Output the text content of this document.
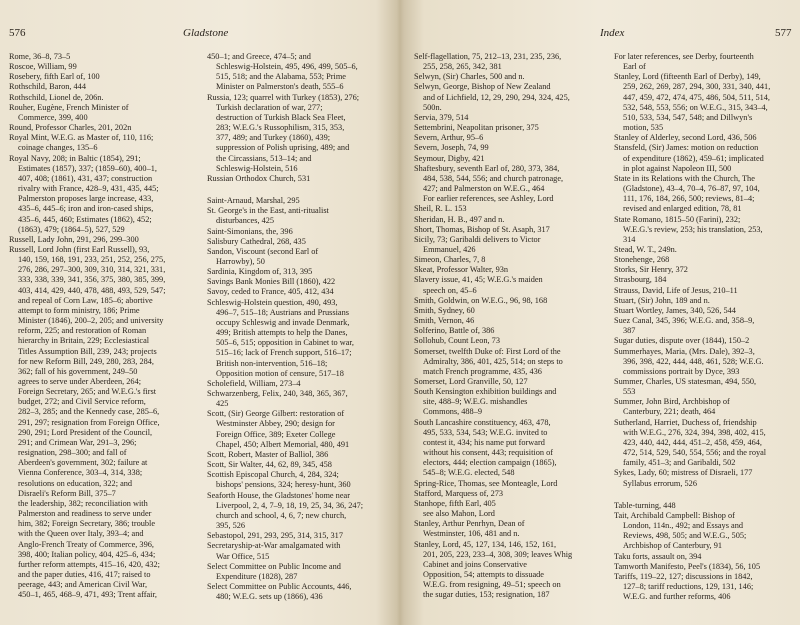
576	Gladstone
Rome, 36–8, 73–5
Roscoe, William, 99
Rosebery, fifth Earl of, 100
Rothschild, Baron, 444
Rothschild, Lionel de, 206n.
Rouher, Eugène, French Minister of
Commerce, 399, 400
Round, Professor Charles, 201, 202n
Royal Mint, W.E.G. as Master of, 110, 116;
coinage changes, 135–6
Royal Navy, 208; in Baltic (1854), 291;
Estimates (1857), 337; (1859–60), 400–1,
407, 408; (1861), 431, 437; construction
rivalry with France, 428–9, 431, 435, 445;
Palmerston proposes large increase, 433,
435–6, 445–6; iron and iron-cased ships,
435–6, 445, 460; Estimates (1862), 452;
(1863), 479; (1864–5), 527, 529
Russell, Lady John, 291, 296, 299–300
Russell, Lord John (first Earl Russell), 93,
140, 159, 168, 191, 233, 251, 252, 256, 275,
276, 286, 297–300, 309, 310, 314, 321, 331,
333, 338, 339, 341, 356, 375, 380, 385, 399,
403, 414, 429, 440, 478, 488, 493, 529, 547;
and repeal of Corn Law, 185–6; abortive
attempt to form ministry, 186; Prime
Minister (1846), 200–2, 205; and university
reform, 225; and restoration of Roman
hierarchy in Britain, 229; Ecclesiastical
Titles Assumption Bill, 239, 243; projects
for new Reform Bill, 249, 280, 283, 284,
362; fall of his government, 249–50
agrees to serve under Aberdeen, 264;
Foreign Secretary, 265; and W.E.G.'s first
budget, 272; and Civil Service reform,
282–3, 285; and the Kennedy case, 285–6,
291, 297; resignation from Foreign Office,
290, 291; Lord President of the Council,
291; and Crimean War, 291–3, 296;
resignation, 298–300; and fall of
Aberdeen's government, 302; failure at
Vienna Conference, 303–4, 314, 338;
resolutions on education, 322; and
Disraeli's Reform Bill, 375–7
the leadership, 382; reconciliation with
Palmerston and readiness to serve under
him, 382; Foreign Secretary, 386; trouble
with the Queen over Italy, 393–4; and
Anglo-French Treaty of Commerce, 396,
398, 400; Italian policy, 404, 425–6, 434;
further reform attempts, 415–16, 420, 432;
and the paper duties, 416, 417; raised to
peerage, 443; and American Civil War,
450–1, 465, 468–9, 471, 493; Trent affair,
450–1; and Greece, 474–5; and
Schleswig-Holstein, 495, 496, 499, 505–6,
515, 518; and the Alabama, 553; Prime
Minister on Palmerston's death, 555–6
Russia, 123; quarrel with Turkey (1853), 276;
Turkish declaration of war, 277;
destruction of Turkish Black Sea Fleet,
283; W.E.G.'s Russophilism, 315, 353,
377, 489; and Turkey (1860), 439;
suppression of Polish uprising, 489; and
the Circassians, 513–14; and
Schleswig-Holstein, 516
Russian Orthodox Church, 531
Saint-Arnaud, Marshal, 295
St. George's in the East, anti-ritualist
disturbances, 425
Saint-Simonians, the, 396
Salisbury Cathedral, 268, 435
Sandon, Viscount (second Earl of
Harrowby), 50
Sardinia, Kingdom of, 313, 395
Savings Bank Monies Bill (1860), 422
Savoy, ceded to France, 405, 412, 434
Schleswig-Holstein question, 490, 493,
496–7, 515–18; Austrians and Prussians
occupy Schleswig and invade Denmark,
499; British attempts to help the Danes,
505–6, 515; opposition in Cabinet to war,
515–16; lack of French support, 516–17;
British non-intervention, 516–18;
Opposition motion of censure, 517–18
Scholefield, William, 273–4
Schwarzenberg, Felix, 240, 348, 365, 367,
425
Scott, (Sir) George Gilbert: restoration of
Westminster Abbey, 290; design for
Foreign Office, 389; Exeter College
Chapel, 450; Albert Memorial, 480, 491
Scott, Robert, Master of Balliol, 386
Scott, Sir Walter, 44, 62, 89, 345, 458
Scottish Episcopal Church, 4, 284, 324;
bishops' pensions, 324; heresy-hunt, 360
Seaforth House, the Gladstones' home near
Liverpool, 2, 4, 7–9, 18, 19, 25, 34, 36, 247;
church and school, 4, 6, 7; new church,
395, 526
Sebastopol, 291, 293, 295, 314, 315, 317
Secretaryship-at-War amalgamated with
War Office, 515
Select Committee on Public Income and
Expenditure (1828), 287
Select Committee on Public Accounts, 446,
480; W.E.G. sets up (1866), 436
Index	577
Self-flagellation, 75, 212–13, 231, 235, 236,
255, 258, 265, 342, 381
Selwyn, (Sir) Charles, 500 and n.
Selwyn, George, Bishop of New Zealand
and of Lichfield, 12, 29, 290, 294, 324, 425,
500n.
Servia, 379, 514
Settembrini, Neapolitan prisoner, 375
Severn, Arthur, 95–6
Severn, Joseph, 74, 99
Seymour, Digby, 421
Shaftesbury, seventh Earl of, 280, 373, 384,
484, 538, 544, 556; and church patronage,
427; and Palmerston on W.E.G., 464
For earlier references, see Ashley, Lord
Sheil, R. L. 153
Sheridan, H. B., 497 and n.
Short, Thomas, Bishop of St. Asaph, 317
Sicily, 73; Garibaldi delivers to Victor
Emmanuel, 426
Simeon, Charles, 7, 8
Skeat, Professor Walter, 93n
Slavery issue, 41, 45; W.E.G.'s maiden
speech on, 45–6
Smith, Goldwin, on W.E.G., 96, 98, 168
Smith, Sydney, 60
Smith, Vernon, 46
Solferino, Battle of, 386
Sollohub, Count Leon, 73
Somerset, twelfth Duke of: First Lord of the
Admiralty, 386, 401, 425, 514; on steps to
match French programme, 435, 436
Somerset, Lord Granville, 50, 127
South Kensington exhibition buildings and
site, 488–9; W.E.G. mishandles
Commons, 488–9
South Lancashire constituency, 463, 478,
495, 533, 534, 543; W.E.G. invited to
contest it, 434; his name put forward
without his consent, 443; requisition of
electors, 444; election campaign (1865),
545–8; W.E.G. elected, 548
Spring-Rice, Thomas, see Monteagle, Lord
Stafford, Marquess of, 273
Stanhope, fifth Earl, 405
see also Mahon, Lord
Stanley, Arthur Penrhyn, Dean of
Westminster, 106, 481 and n.
Stanley, Lord, 45, 127, 134, 146, 152, 161,
201, 205, 223, 233–4, 308, 309; leaves Whig
Cabinet and joins Conservative
Opposition, 54; attempts to dissuade
W.E.G. from resigning, 49–51; speech on
the sugar duties, 153; resignation, 187
For later references, see Derby, fourteenth
Earl of
Stanley, Lord (fifteenth Earl of Derby), 149,
259, 262, 269, 287, 294, 300, 331, 340, 441,
447, 459, 472, 474, 475, 486, 504, 511, 514,
532, 548, 553, 556; on W.E.G., 315, 343–4,
510, 533, 534, 547, 548; and Dillwyn's
motion, 535
Stanley of Alderley, second Lord, 436, 506
Stansfeld, (Sir) James: motion on reduction
of expenditure (1862), 459–61; implicated
in plot against Napoleon III, 500
State in its Relations with the Church, The
(Gladstone), 43–4, 70–4, 76–87, 97, 104,
111, 176, 184, 266, 500; reviews, 81–4;
revised and enlarged edition, 78, 81
State Romano, 1815–50 (Farini), 232;
W.E.G.'s review, 253; his translation, 253,
314
Stead, W. T., 249n.
Stonehenge, 268
Storks, Sir Henry, 372
Strasbourg, 184
Strauss, David, Life of Jesus, 210–11
Stuart, (Sir) John, 189 and n.
Stuart Wortley, James, 340, 526, 544
Suez Canal, 345, 396; W.E.G. and, 358–9,
387
Sugar duties, dispute over (1844), 150–2
Summerhayes, Maria, (Mrs. Dale), 392–3,
396, 398, 422, 444, 448, 461, 528; W.E.G.
commissions portrait by Dyce, 393
Summer, Charles, US statesman, 494, 550,
553
Summer, John Bird, Archbishop of
Canterbury, 221; death, 464
Sutherland, Harriet, Duchess of, friendship
with W.E.G., 276, 324, 394, 398, 402, 415,
423, 440, 442, 444, 451–2, 458, 459, 464,
472, 514, 529, 540, 554, 556; and the royal
family, 451–3; and Garibaldi, 502
Sykes, Lady, 60; mistress of Disraeli, 177
Syllabus errorum, 526
Table-turning, 448
Tait, Archibald Campbell: Bishop of
London, 114n., 492; and Essays and
Reviews, 498, 505; and W.E.G., 505;
Archbishop of Canterbury, 91
Taku forts, assault on, 394
Tamworth Manifesto, Peel's (1834), 56, 105
Tariffs, 119–22, 127; discussions in 1842,
127–8; tariff reductions, 129, 131, 146;
W.E.G. and further reforms, 406
